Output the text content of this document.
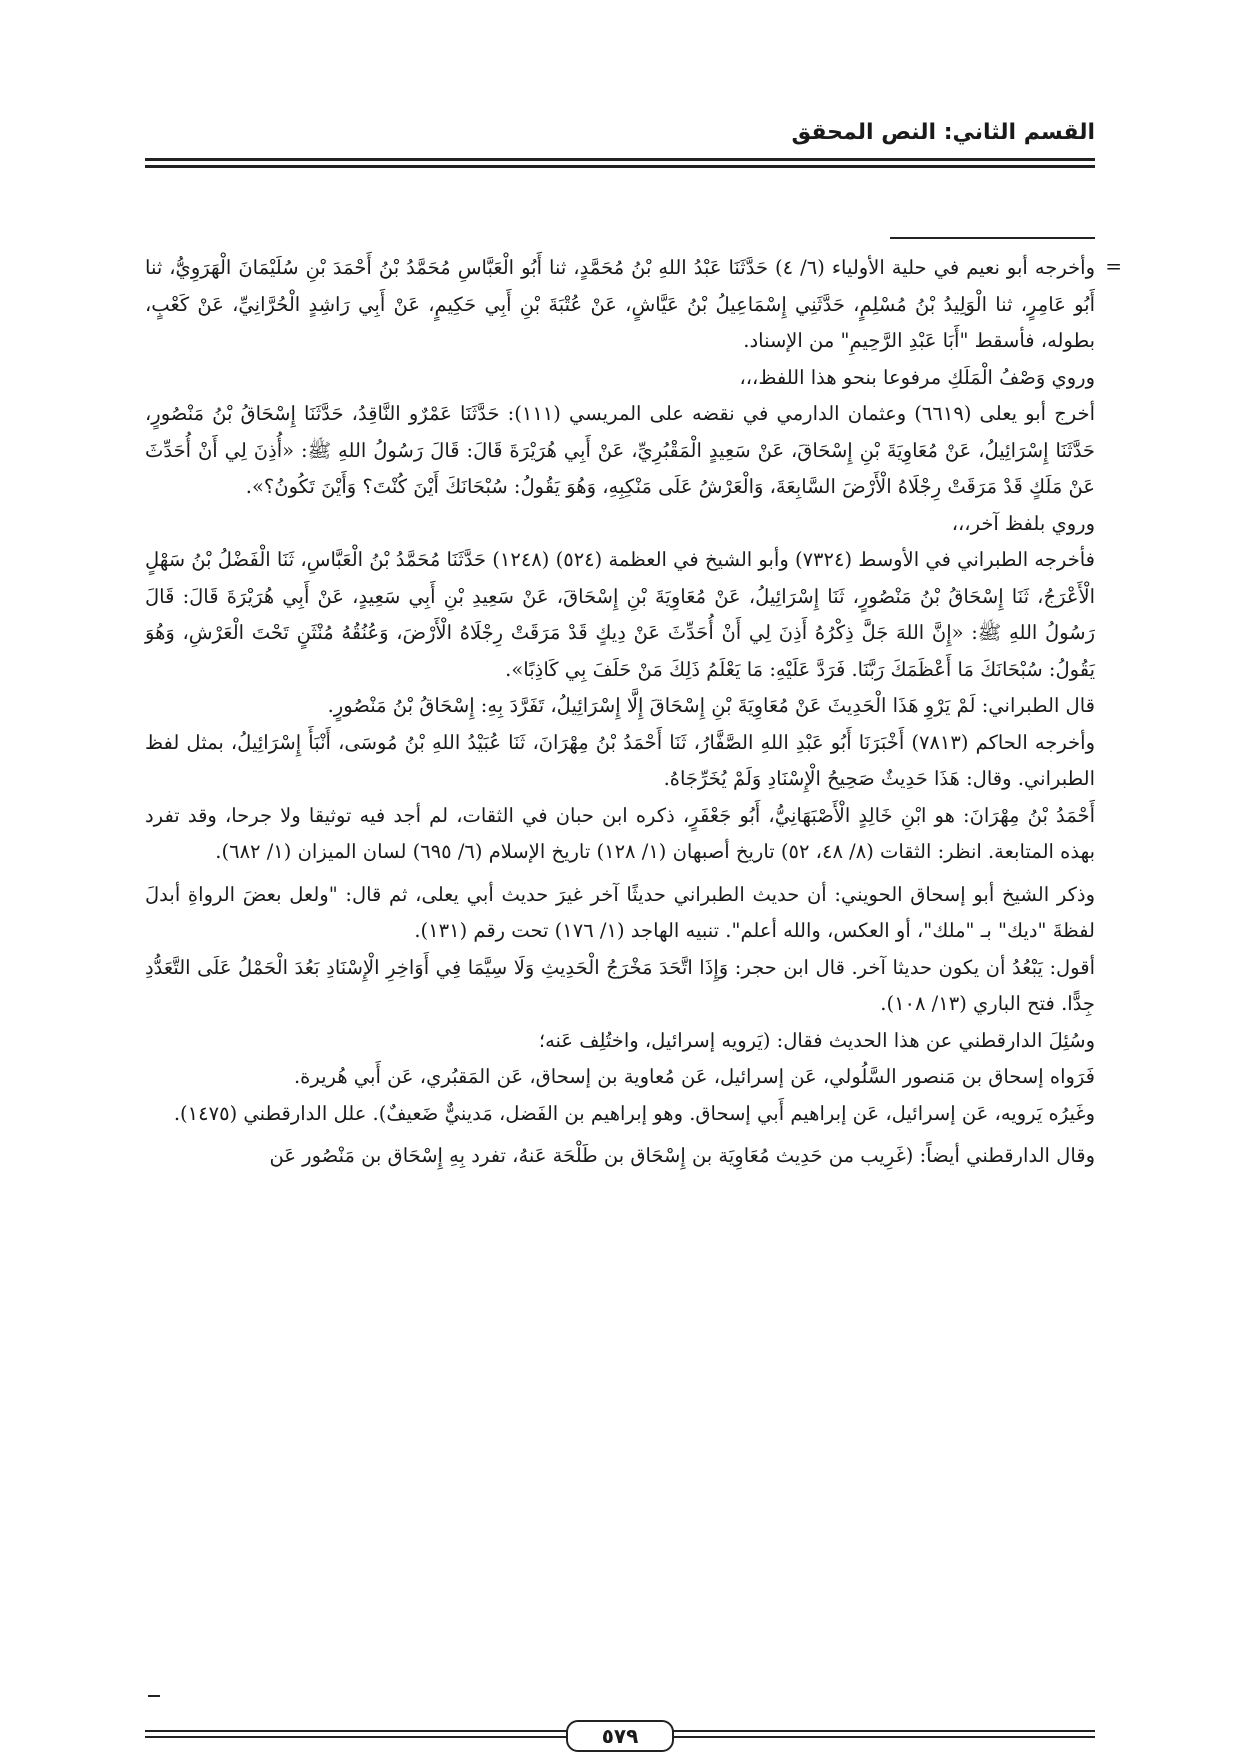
القسم الثاني: النص المحقق
=

وأخرجه أبو نعيم في حلية الأولياء (٦/ ٤) حَدَّثَنَا عَبْدُ اللهِ بْنُ مُحَمَّدٍ، ثنا أَبُو الْعَبَّاسِ مُحَمَّدُ بْنُ أَحْمَدَ بْنِ سُلَيْمَانَ الْهَرَوِيُّ، ثنا أَبُو عَامِرٍ، ثنا الْوَلِيدُ بْنُ مُسْلِمٍ، حَدَّثَنِي إِسْمَاعِيلُ بْنُ عَيَّاشٍ، عَنْ عُتْبَةَ بْنِ أَبِي حَكِيمٍ، عَنْ أَبِي رَاشِدٍ الْحُرَّانِيِّ، عَنْ كَعْبٍ، بطوله، فأسقط "أَبَا عَبْدِ الرَّحِيمِ" من الإسناد.

وروي وَصْفُ الْمَلَكِ مرفوعا بنحو هذا اللفظ،،،

أخرج أبو يعلى (٦٦١٩) وعثمان الدارمي في نقضه على المريسي (١١١): حَدَّثَنَا عَمْرٌو النَّاقِدُ، حَدَّثَنَا إِسْحَاقُ بْنُ مَنْصُورٍ، حَدَّثَنَا إِسْرَائِيلُ، عَنْ مُعَاوِيَةَ بْنِ إِسْحَاقَ، عَنْ سَعِيدٍ الْمَقْبُرِيِّ، عَنْ أَبِي هُرَيْرَةَ قَالَ: قَالَ رَسُولُ اللهِ ﷺ: «أُذِنَ لِي أَنْ أُحَدِّثَ عَنْ مَلَكٍ قَدْ مَرَقَتْ رِجْلَاهُ الْأَرْضَ السَّابِعَةَ، وَالْعَرْشُ عَلَى مَنْكِبِهِ، وَهُوَ يَقُولُ: سُبْحَانَكَ أَيْنَ كُنْتَ؟ وَأَيْنَ تَكُونُ؟».

وروي بلفظ آخر،،،

فأخرجه الطبراني في الأوسط (٧٣٢٤) وأبو الشيخ في العظمة (٥٢٤) (١٢٤٨) حَدَّثَنَا مُحَمَّدُ بْنُ الْعَبَّاسِ، ثَنَا الْفَضْلُ بْنُ سَهْلٍ الْأَعْرَجُ، ثَنَا إِسْحَاقُ بْنُ مَنْصُورٍ، ثَنَا إِسْرَائِيلُ، عَنْ مُعَاوِيَةَ بْنِ إِسْحَاقَ، عَنْ سَعِيدِ بْنِ أَبِي سَعِيدٍ، عَنْ أَبِي هُرَيْرَةَ قَالَ: قَالَ رَسُولُ اللهِ ﷺ: «إِنَّ اللهَ جَلَّ ذِكْرُهُ أَذِنَ لِي أَنْ أُحَدِّثَ عَنْ دِيكٍ قَدْ مَرَقَتْ رِجْلَاهُ الْأَرْضَ، وَعُنُقُهُ مُنْثَنٍ تَحْتَ الْعَرْشِ، وَهُوَ يَقُولُ: سُبْحَانَكَ مَا أَعْظَمَكَ رَبَّنَا. فَرَدَّ عَلَيْهِ: مَا يَعْلَمُ ذَلِكَ مَنْ حَلَفَ بِي كَاذِبًا».

قال الطبراني: لَمْ يَرْوِ هَذَا الْحَدِيثَ عَنْ مُعَاوِيَةَ بْنِ إِسْحَاقَ إِلَّا إِسْرَائِيلُ، تَفَرَّدَ بِهِ: إِسْحَاقُ بْنُ مَنْصُورٍ.

وأخرجه الحاكم (٧٨١٣) أَخْبَرَنَا أَبُو عَبْدِ اللهِ الصَّفَّارُ، ثَنَا أَحْمَدُ بْنُ مِهْرَانَ، ثَنَا عُبَيْدُ اللهِ بْنُ مُوسَى، أَنْبَأَ إِسْرَائِيلُ، بمثل لفظ الطبراني. وقال: هَذَا حَدِيثٌ صَحِيحُ الْإِسْنَادِ وَلَمْ يُخَرِّجَاهُ.

أَحْمَدُ بْنُ مِهْرَانَ: هو ابْنِ خَالِدٍ الْأَصْبَهَانِيُّ، أَبُو جَعْفَرٍ، ذكره ابن حبان في الثقات، لم أجد فيه توثيقا ولا جرحا، وقد تفرد بهذه المتابعة. انظر: الثقات (٨/ ٤٨، ٥٢) تاريخ أصبهان (١/ ١٢٨) تاريخ الإسلام (٦/ ٦٩٥) لسان الميزان (١/ ٦٨٢).

وذكر الشيخ أبو إسحاق الحويني: أن حديث الطبراني حديثًا آخر غيرَ حديث أبي يعلى، ثم قال: "ولعل بعضَ الرواةِ أبدلَ لفظةَ "ديك" بـ "ملك"، أو العكس، والله أعلم". تنبيه الهاجد (١/ ١٧٦) تحت رقم (١٣١).

أقول: يَبْعُدُ أن يكون حديثا آخر. قال ابن حجر: وَإِذَا اتَّحَدَ مَخْرَجُ الْحَدِيثِ وَلَا سِيَّمَا فِي أَوَاخِرِ الْإِسْنَادِ بَعُدَ الْحَمْلُ عَلَى التَّعَدُّدِ جِدًّا. فتح الباري (١٣/ ١٠٨).

وسُئِلَ الدارقطني عن هذا الحديث فقال: (يَرويه إسرائيل، واختُلِف عَنه؛

فَرَواه إسحاق بن مَنصور السَّلُولي، عَن إسرائيل، عَن مُعاوية بن إسحاق، عَن المَقبُري، عَن أَبي هُريرة.

وغَيرُه يَرويه، عَن إسرائيل، عَن إبراهيم أَبي إسحاق. وهو إبراهيم بن الفَضل، مَدينيٌّ ضَعيفٌ). علل الدارقطني (١٤٧٥).

وقال الدارقطني أيضاً: (غَرِيب من حَدِيث مُعَاوِيَة بن إِسْحَاق بن طَلْحَة عَنهُ، تفرد بِهِ إِسْحَاق بن مَنْصُور عَن

٥٧٩
